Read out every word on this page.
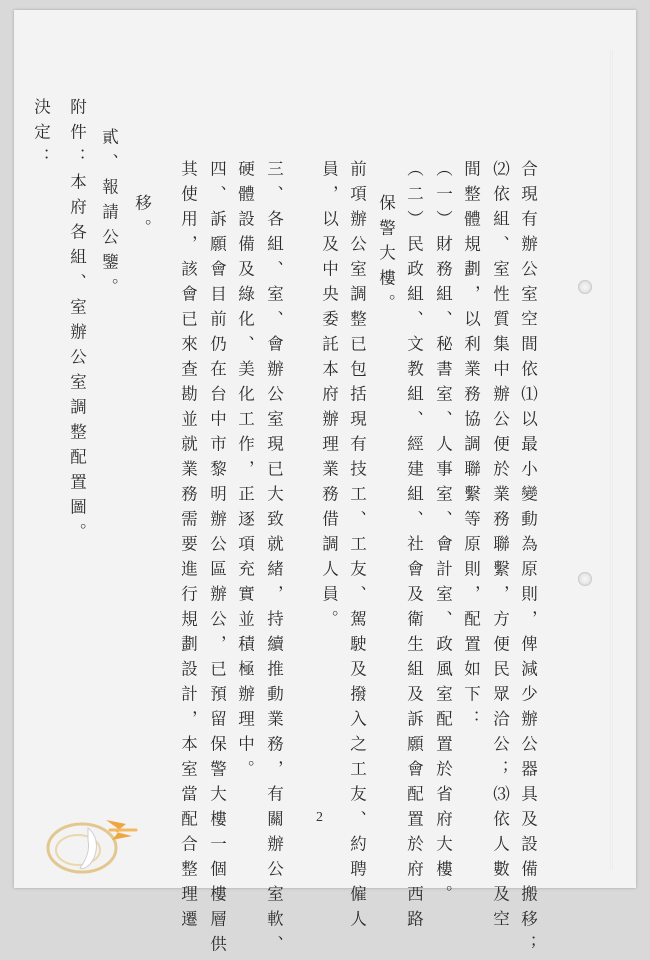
合現有辦公室空間依⑴以最小變動為原則，俾減少辦公器具及設備搬移；
⑵依組、室性質集中辦公便於業務聯繫，方便民眾洽公；⑶依人數及空
間整體規劃，以利業務協調聯繫等原則，配置如下：
（一）財務組、秘書室、人事室、會計室、政風室配置於省府大樓。
（二）民政組、文教組、經建組、社會及衛生組及訴願會配置於府西路
保警大樓。
前項辦公室調整已包括現有技工、工友、駕駛及撥入之工友、約聘僱人
員，以及中央委託本府辦理業務借調人員。
三、各組、室、會辦公室現已大致就緒，持續推動業務，有關辦公室軟、
硬體設備及綠化、美化工作，正逐項充實並積極辦理中。
四、訴願會目前仍在台中市黎明辦公區辦公，已預留保警大樓一個樓層供
其使用，該會已來查勘並就業務需要進行規劃設計，本室當配合整理遷
移。
貳、報請公鑒。
附件：本府各組、室辦公室調整配置圖。
決定：
2
